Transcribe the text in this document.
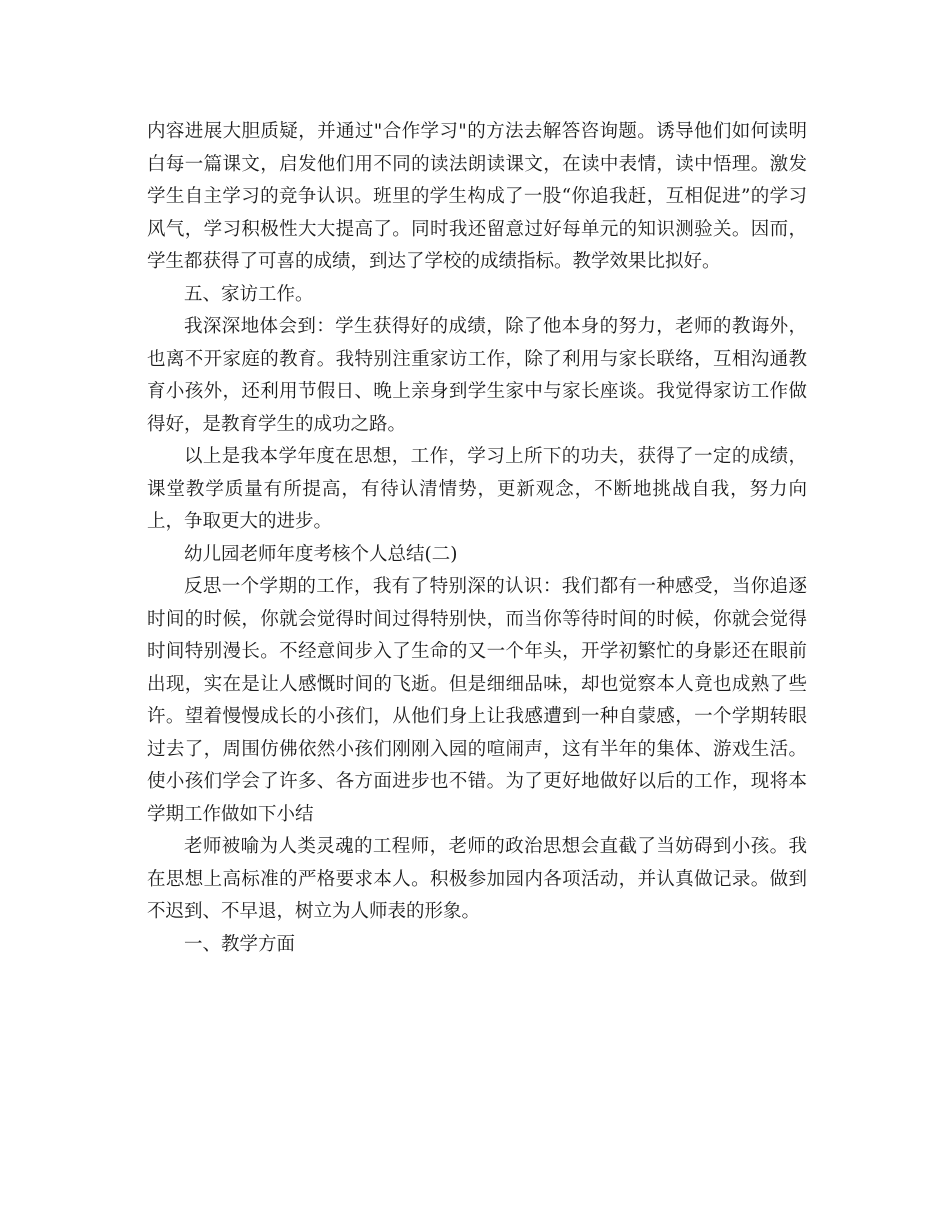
内容进展大胆质疑，并通过"合作学习"的方法去解答咨询题。诱导他们如何读明白每一篇课文，启发他们用不同的读法朗读课文，在读中表情，读中悟理。激发学生自主学习的竞争认识。班里的学生构成了一股“你追我赶，互相促进”的学习风气，学习积极性大大提高了。同时我还留意过好每单元的知识测验关。因而，学生都获得了可喜的成绩，到达了学校的成绩指标。教学效果比拟好。

五、家访工作。

我深深地体会到：学生获得好的成绩，除了他本身的努力，老师的教诲外，也离不开家庭的教育。我特别注重家访工作，除了利用与家长联络，互相沟通教育小孩外，还利用节假日、晚上亲身到学生家中与家长座谈。我觉得家访工作做得好，是教育学生的成功之路。

以上是我本学年度在思想，工作，学习上所下的功夫，获得了一定的成绩，课堂教学质量有所提高，有待认清情势，更新观念，不断地挑战自我，努力向上，争取更大的进步。

幼儿园老师年度考核个人总结(二)

反思一个学期的工作，我有了特别深的认识：我们都有一种感受，当你追逐时间的时候，你就会觉得时间过得特别快，而当你等待时间的时候，你就会觉得时间特别漫长。不经意间步入了生命的又一个年头，开学初繁忙的身影还在眼前出现，实在是让人感慨时间的飞逝。但是细细品味，却也觉察本人竟也成熟了些许。望着慢慢成长的小孩们，从他们身上让我感遭到一种自蒙感，一个学期转眼过去了，周围仿佛依然小孩们刚刚入园的喧闹声，这有半年的集体、游戏生活。使小孩们学会了许多、各方面进步也不错。为了更好地做好以后的工作，现将本学期工作做如下小结

老师被喻为人类灵魂的工程师，老师的政治思想会直截了当妨碍到小孩。我在思想上高标准的严格要求本人。积极参加园内各项活动，并认真做记录。做到不迟到、不早退，树立为人师表的形象。

一、教学方面
